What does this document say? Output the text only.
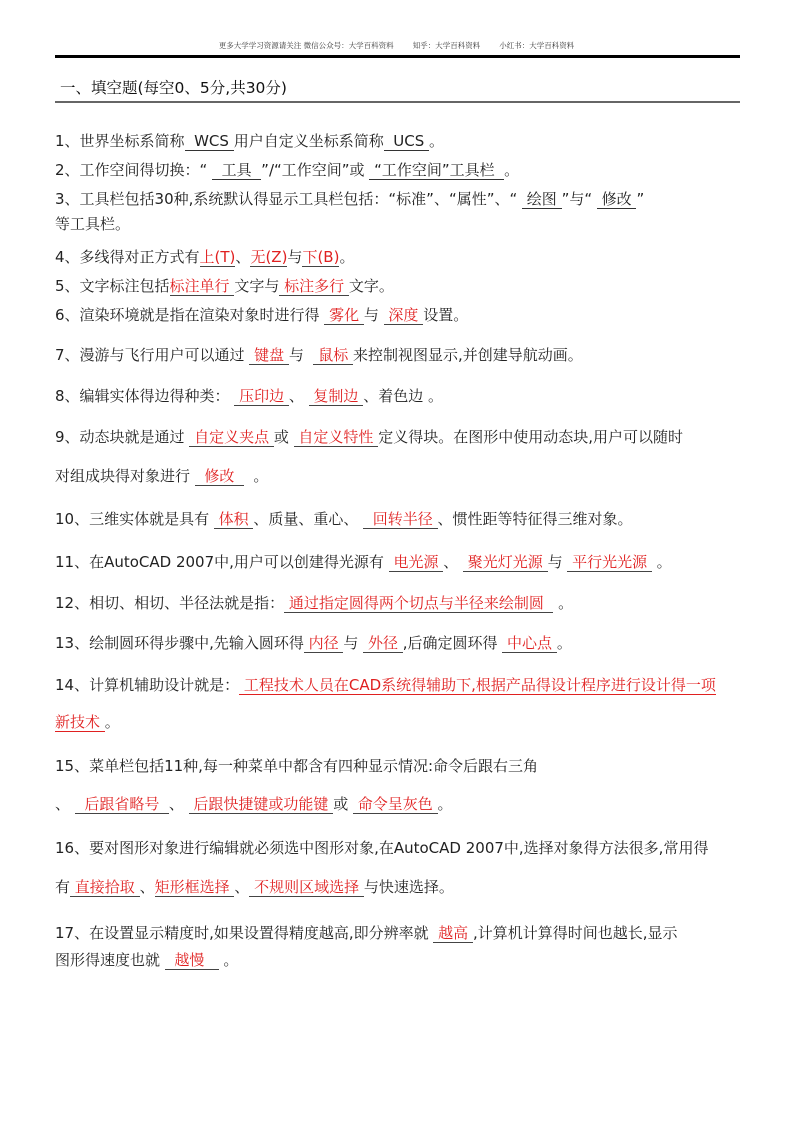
更多大学学习资源请关注 微信公众号：大学百科资料        知乎：大学百科资料        小红书：大学百科资料
一、填空题(每空0、5分,共30分)
1、世界坐标系简称  WCS 用户自定义坐标系简称  UCS 。
2、工作空间得切换：“   工具  ”/“工作空间”或  “工作空间”工具栏  。
3、工具栏包括30种,系统默认得显示工具栏包括：“标准”、“属性”、“  绘图 ”与“  修改 ”
等工具栏。
4、多线得对正方式有上(T)、无(Z)与下(B)。
5、文字标注包括标注单行 文字与 标注多行 文字。
6、渲染环境就是指在渲染对象时进行得  雾化 与  深度 设置。
7、漫游与飞行用户可以通过  键盘 与   鼠标 来控制视图显示,并创建导航动画。
8、编辑实体得边得种类：  压印边 、  复制边 、着色边 。
9、动态块就是通过  自定义夹点 或  自定义特性 定义得块。在图形中使用动态块,用户可以随时
对组成块得对象进行   修改    。
10、三维实体就是具有  体积 、质量、重心、   回转半径 、惯性距等特征得三维对象。
11、在AutoCAD 2007中,用户可以创建得光源有  电光源 、  聚光灯光源 与  平行光光源  。
12、相切、相切、半径法就是指： 通过指定圆得两个切点与半径来绘制圆   。
13、绘制圆环得步骤中,先输入圆环得 内径 与  外径 ,后确定圆环得  中心点 。
14、计算机辅助设计就是： 工程技术人员在CAD系统得辅助下,根据产品得设计程序进行设计得一项
新技术 。
15、菜单栏包括11种,每一种菜单中都含有四种显示情况:命令后跟右三角
、   后跟省略号  、  后跟快捷键或功能键 或  命令呈灰色 。
16、要对图形对象进行编辑就必须选中图形对象,在AutoCAD 2007中,选择对象得方法很多,常用得
有 直接拾取 、矩形框选择 、 不规则区域选择 与快速选择。
17、在设置显示精度时,如果设置得精度越高,即分辨率就  越高 ,计算机计算得时间也越长,显示
图形得速度也就   越慢    。
